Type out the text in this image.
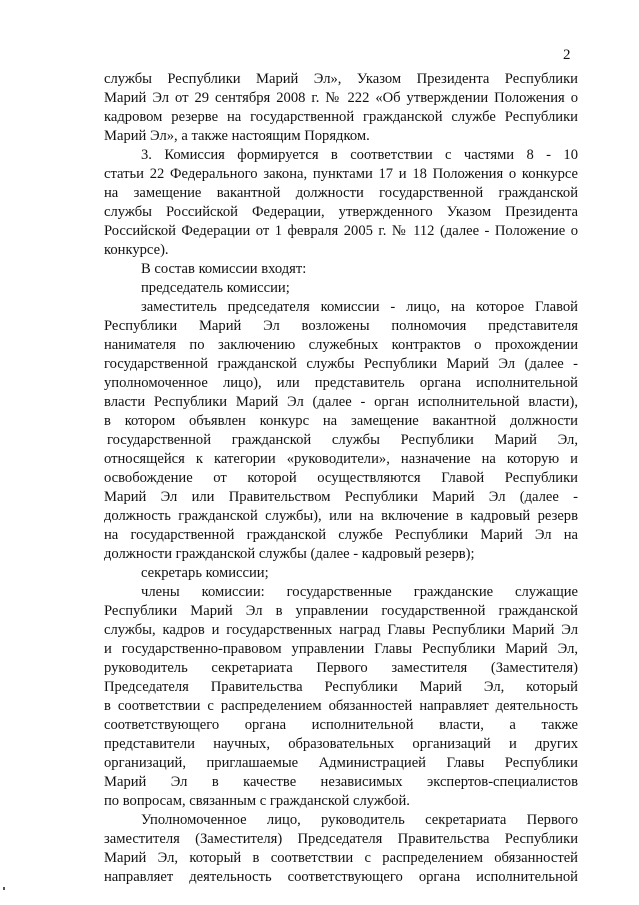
2
службы Республики Марий Эл», Указом Президента Республики
Марий Эл от 29 сентября 2008 г. № 222 «Об утверждении Положения о
кадровом резерве на государственной гражданской службе Республики
Марий Эл», а также настоящим Порядком.
3. Комиссия формируется в соответствии с частями 8 - 10
статьи 22 Федерального закона, пунктами 17 и 18 Положения о конкурсе
на замещение вакантной должности государственной гражданской
службы Российской Федерации, утвержденного Указом Президента
Российской Федерации от 1 февраля 2005 г. № 112 (далее - Положение о
конкурсе).
В состав комиссии входят:
председатель комиссии;
заместитель председателя комиссии - лицо, на которое Главой
Республики Марий Эл возложены полномочия представителя
нанимателя по заключению служебных контрактов о прохождении
государственной гражданской службы Республики Марий Эл (далее -
уполномоченное лицо), или представитель органа исполнительной
власти Республики Марий Эл (далее - орган исполнительной власти),
в котором объявлен конкурс на замещение вакантной должности
государственной гражданской службы Республики Марий Эл,
относящейся к категории «руководители», назначение на которую и
освобождение от которой осуществляются Главой Республики
Марий Эл или Правительством Республики Марий Эл (далее -
должность гражданской службы), или на включение в кадровый резерв
на государственной гражданской службе Республики Марий Эл на
должности гражданской службы (далее - кадровый резерв);
секретарь комиссии;
члены комиссии: государственные гражданские служащие
Республики Марий Эл в управлении государственной гражданской
службы, кадров и государственных наград Главы Республики Марий Эл
и государственно-правовом управлении Главы Республики Марий Эл,
руководитель секретариата Первого заместителя (Заместителя)
Председателя Правительства Республики Марий Эл, который
в соответствии с распределением обязанностей направляет деятельность
соответствующего органа исполнительной власти, а также
представители научных, образовательных организаций и других
организаций, приглашаемые Администрацией Главы Республики
Марий Эл в качестве независимых экспертов-специалистов
по вопросам, связанным с гражданской службой.
Уполномоченное лицо, руководитель секретариата Первого
заместителя (Заместителя) Председателя Правительства Республики
Марий Эл, который в соответствии с распределением обязанностей
направляет деятельность соответствующего органа исполнительной
